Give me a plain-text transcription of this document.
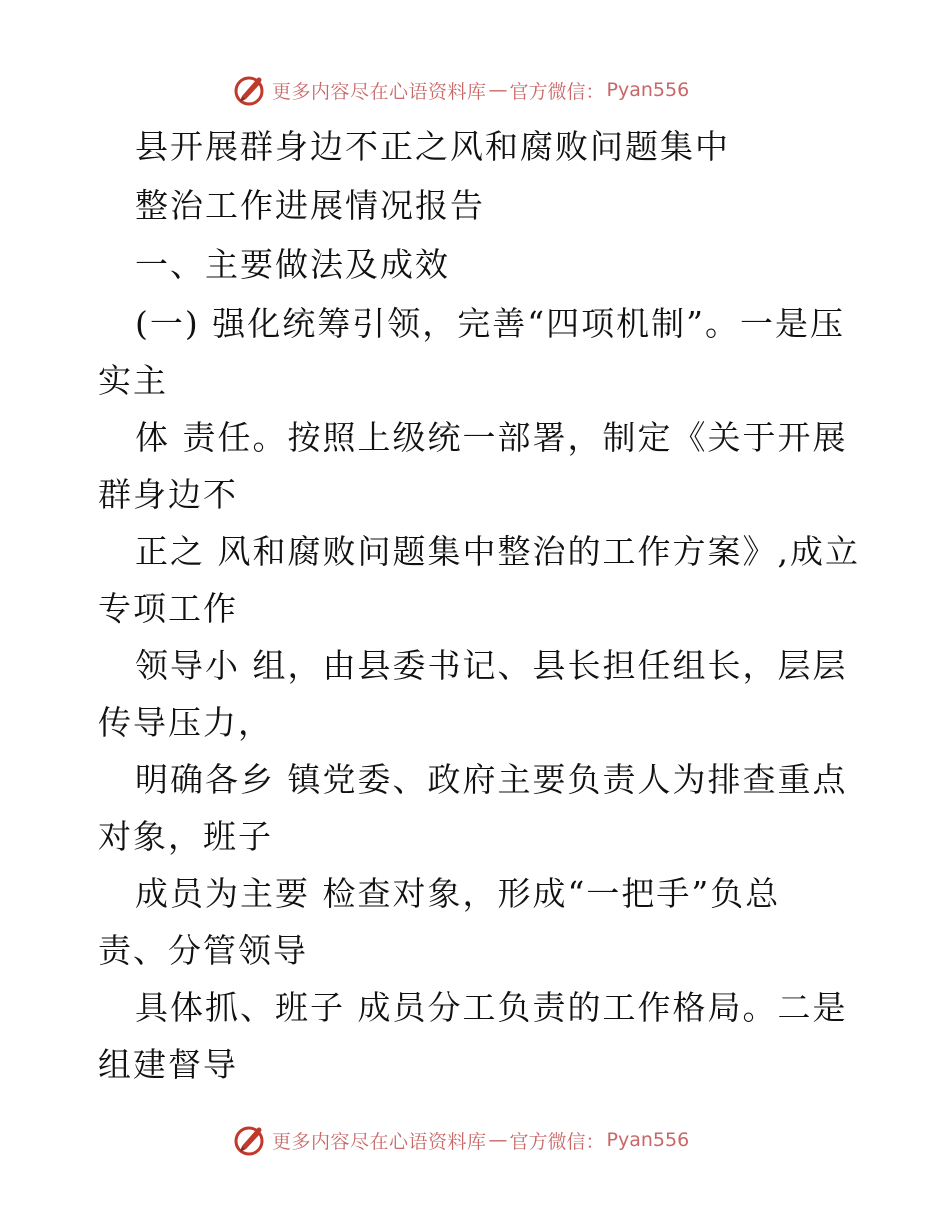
更多内容尽在心语资料库 — 官方微信： Pyan556
县开展群身边不正之风和腐败问题集中
整治工作进展情况报告
一、主要做法及成效
(一) 强化统筹引领，完善“四项机制”。一是压
实主
体 责任。按照上级统一部署，制定《关于开展
群身边不
正之 风和腐败问题集中整治的工作方案》,成立
专项工作
领导小 组，由县委书记、县长担任组长，层层
传导压力，
明确各乡 镇党委、政府主要负责人为排查重点
对象，班子
成员为主要 检查对象，形成“一把手”负总
责、分管领导
具体抓、班子 成员分工负责的工作格局。二是
组建督导
更多内容尽在心语资料库 — 官方微信： Pyan556
